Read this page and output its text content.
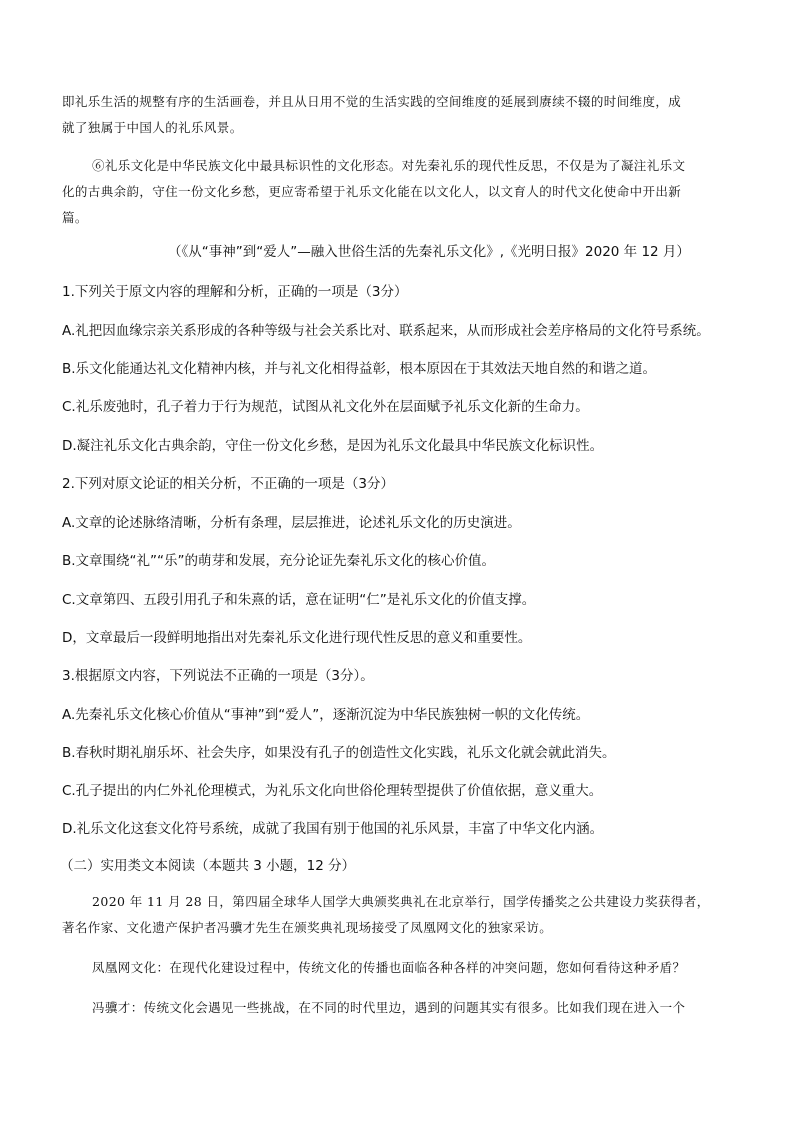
即礼乐生活的规整有序的生活画卷，并且从日用不觉的生活实践的空间维度的延展到赓续不辍的时间维度，成
就了独属于中国人的礼乐风景。
⑥礼乐文化是中华民族文化中最具标识性的文化形态。对先秦礼乐的现代性反思，不仅是为了凝注礼乐文
化的古典余韵，守住一份文化乡愁，更应寄希望于礼乐文化能在以文化人，以文育人的时代文化使命中开出新
篇。
（《从“事神”到“爱人”—融入世俗生活的先秦礼乐文化》,《光明日报》2020 年 12 月）
1.下列关于原文内容的理解和分析，正确的一项是（3分）
A.礼把因血缘宗亲关系形成的各种等级与社会关系比对、联系起来，从而形成社会差序格局的文化符号系统。
B.乐文化能通达礼文化精神内核，并与礼文化相得益彰，根本原因在于其效法天地自然的和谐之道。
C.礼乐废弛时，孔子着力于行为规范，试图从礼文化外在层面赋予礼乐文化新的生命力。
D.凝注礼乐文化古典余韵，守住一份文化乡愁，是因为礼乐文化最具中华民族文化标识性。
2.下列对原文论证的相关分析，不正确的一项是（3分）
A.文章的论述脉络清晰，分析有条理，层层推进，论述礼乐文化的历史演进。
B.文章围绕“礼”“乐”的萌芽和发展，充分论证先秦礼乐文化的核心价值。
C.文章第四、五段引用孔子和朱熹的话，意在证明“仁”是礼乐文化的价值支撑。
D，文章最后一段鲜明地指出对先秦礼乐文化进行现代性反思的意义和重要性。
3.根据原文内容，下列说法不正确的一项是（3分）。
A.先秦礼乐文化核心价值从“事神”到“爱人”，逐渐沉淀为中华民族独树一帜的文化传统。
B.春秋时期礼崩乐坏、社会失序，如果没有孔子的创造性文化实践，礼乐文化就会就此消失。
C.孔子提出的内仁外礼伦理模式，为礼乐文化向世俗伦理转型提供了价值依据，意义重大。
D.礼乐文化这套文化符号系统，成就了我国有别于他国的礼乐风景，丰富了中华文化内涵。
（二）实用类文本阅读（本题共 3 小题，12 分）
2020 年 11 月 28 日，第四届全球华人国学大典颁奖典礼在北京举行，国学传播奖之公共建设力奖获得者，
著名作家、文化遗产保护者冯骥才先生在颁奖典礼现场接受了凤凰网文化的独家采访。
凤凰网文化：在现代化建设过程中，传统文化的传播也面临各种各样的冲突问题，您如何看待这种矛盾？
冯骥才：传统文化会遇见一些挑战，在不同的时代里边，遇到的问题其实有很多。比如我们现在进入一个
